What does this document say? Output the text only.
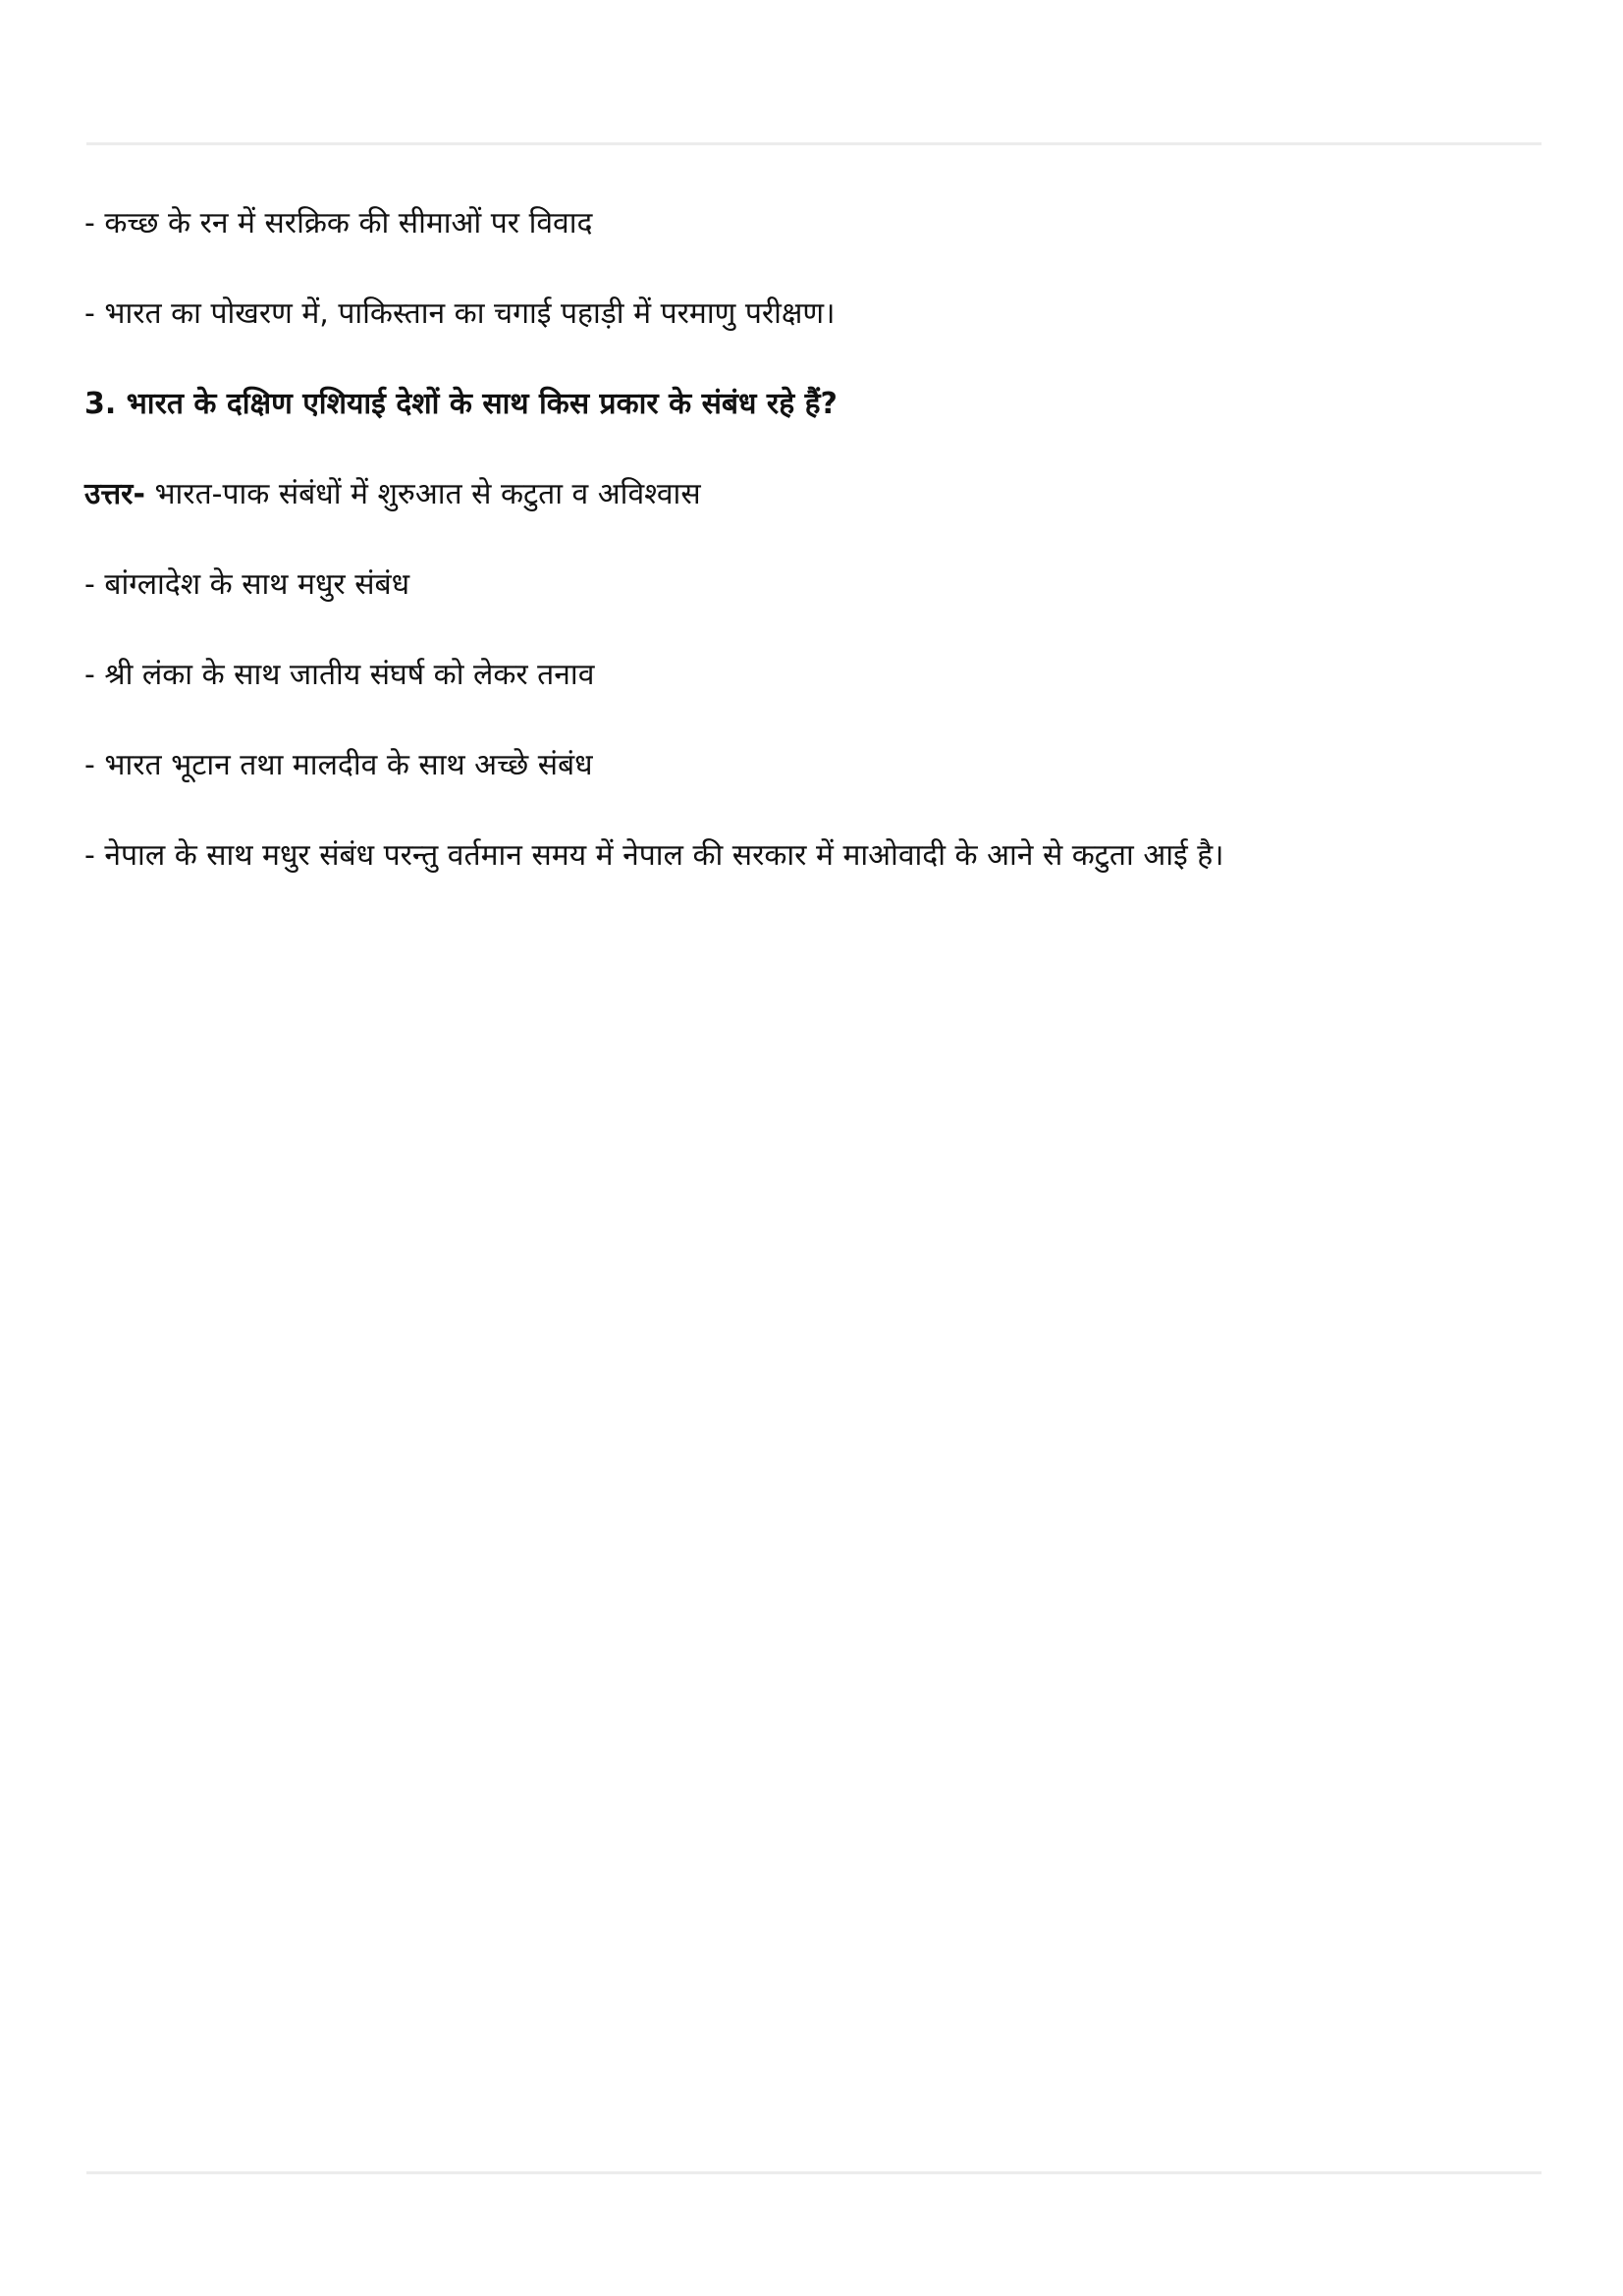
- कच्छ के रन में सरक्रिक की सीमाओं पर विवाद

- भारत का पोखरण में, पाकिस्तान का चगाई पहाड़ी में परमाणु परीक्षण।

3. भारत के दक्षिण एशियाई देशों के साथ किस प्रकार के संबंध रहे हैं?

उत्तर- भारत-पाक संबंधों में शुरुआत से कटुता व अविश्वास

- बांग्लादेश के साथ मधुर संबंध

- श्री लंका के साथ जातीय संघर्ष को लेकर तनाव

- भारत भूटान तथा मालदीव के साथ अच्छे संबंध

- नेपाल के साथ मधुर संबंध परन्तु वर्तमान समय में नेपाल की सरकार में माओवादी के आने से कटुता आई है।
